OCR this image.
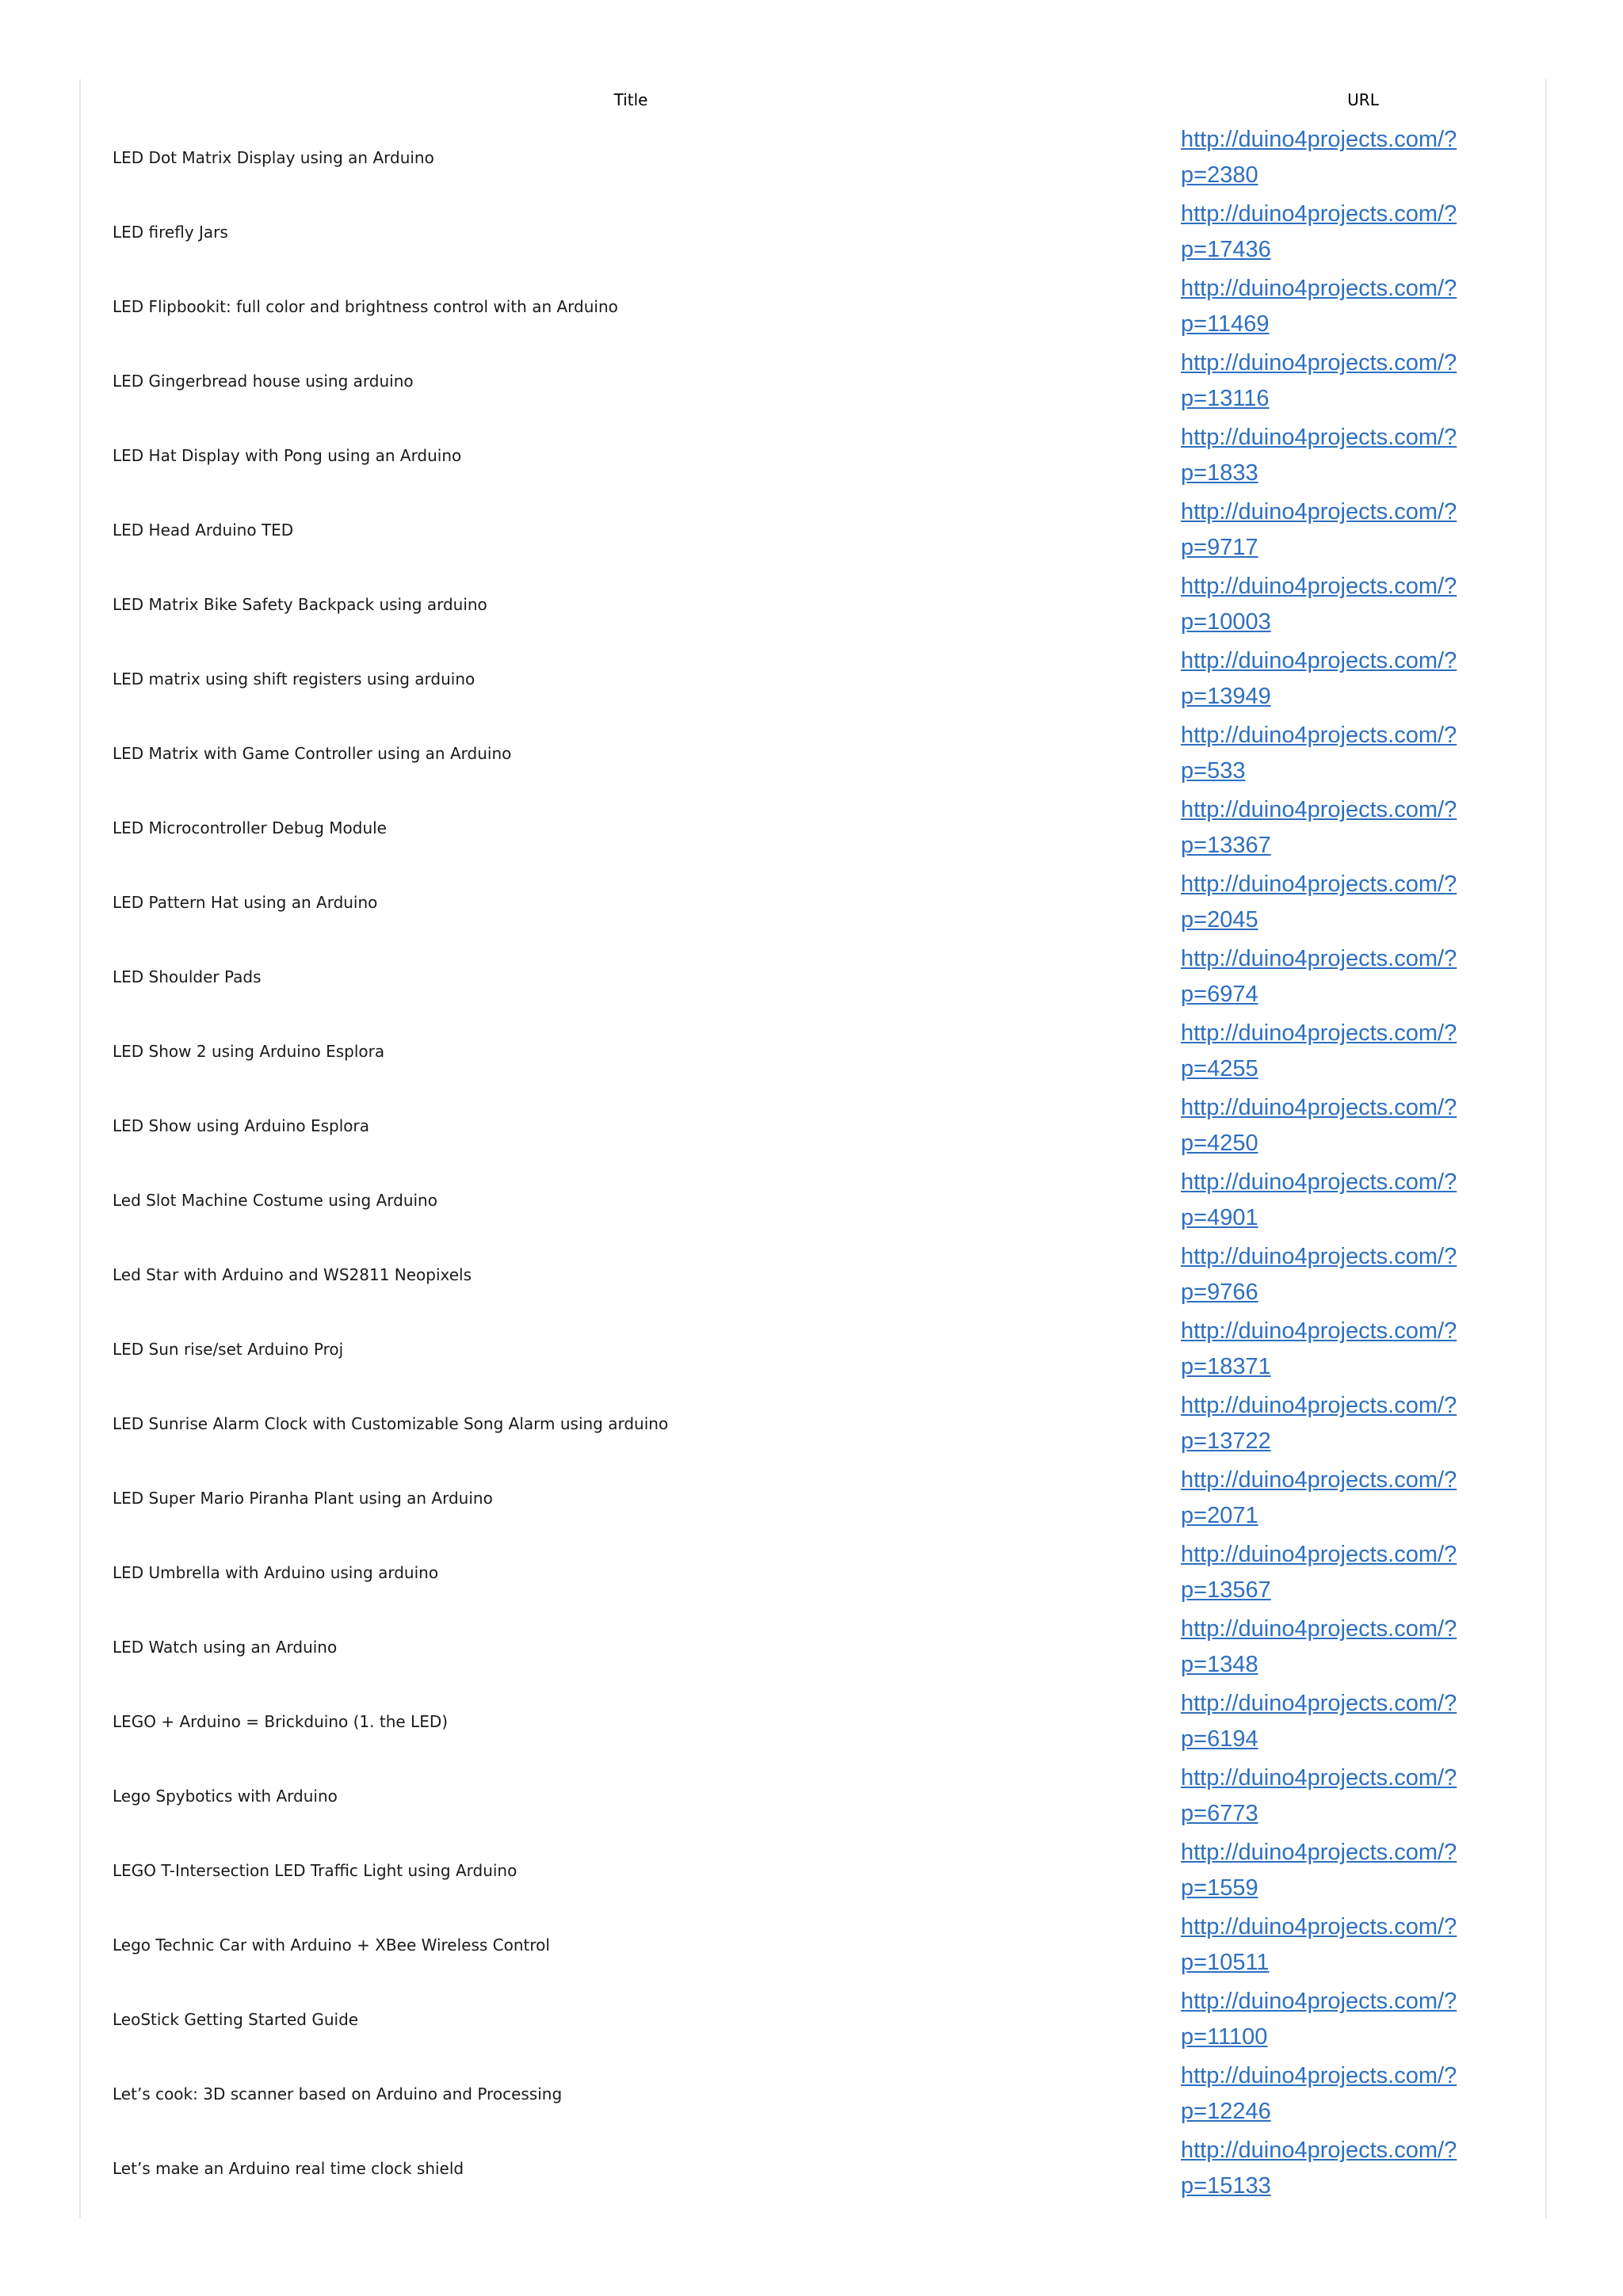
Title	URL
LED Dot Matrix Display using an Arduino	http://duino4projects.com/?
p=2380

LED firefly Jars	http://duino4projects.com/?
p=17436

LED Flipbookit: full color and brightness control with an Arduino	http://duino4projects.com/?
p=11469

LED Gingerbread house using arduino	http://duino4projects.com/?
p=13116

LED Hat Display with Pong using an Arduino	http://duino4projects.com/?
p=1833

LED Head Arduino TED	http://duino4projects.com/?
p=9717

LED Matrix Bike Safety Backpack using arduino	http://duino4projects.com/?
p=10003

LED matrix using shift registers using arduino	http://duino4projects.com/?
p=13949

LED Matrix with Game Controller using an Arduino	http://duino4projects.com/?
p=533

LED Microcontroller Debug Module	http://duino4projects.com/?
p=13367

LED Pattern Hat using an Arduino	http://duino4projects.com/?
p=2045

LED Shoulder Pads	http://duino4projects.com/?
p=6974

LED Show 2 using Arduino Esplora	http://duino4projects.com/?
p=4255

LED Show using Arduino Esplora	http://duino4projects.com/?
p=4250

Led Slot Machine Costume using Arduino	http://duino4projects.com/?
p=4901

Led Star with Arduino and WS2811 Neopixels	http://duino4projects.com/?
p=9766

LED Sun rise/set Arduino Proj	http://duino4projects.com/?
p=18371

LED Sunrise Alarm Clock with Customizable Song Alarm using arduino	http://duino4projects.com/?
p=13722

LED Super Mario Piranha Plant using an Arduino	http://duino4projects.com/?
p=2071

LED Umbrella with Arduino using arduino	http://duino4projects.com/?
p=13567

LED Watch using an Arduino	http://duino4projects.com/?
p=1348

LEGO + Arduino = Brickduino (1. the LED)	http://duino4projects.com/?
p=6194

Lego Spybotics with Arduino	http://duino4projects.com/?
p=6773

LEGO T-Intersection LED Traffic Light using Arduino	http://duino4projects.com/?
p=1559

Lego Technic Car with Arduino + XBee Wireless Control	http://duino4projects.com/?
p=10511

LeoStick Getting Started Guide	http://duino4projects.com/?
p=11100

Let’s cook: 3D scanner based on Arduino and Processing	http://duino4projects.com/?
p=12246

Let’s make an Arduino real time clock shield	http://duino4projects.com/?
p=15133
